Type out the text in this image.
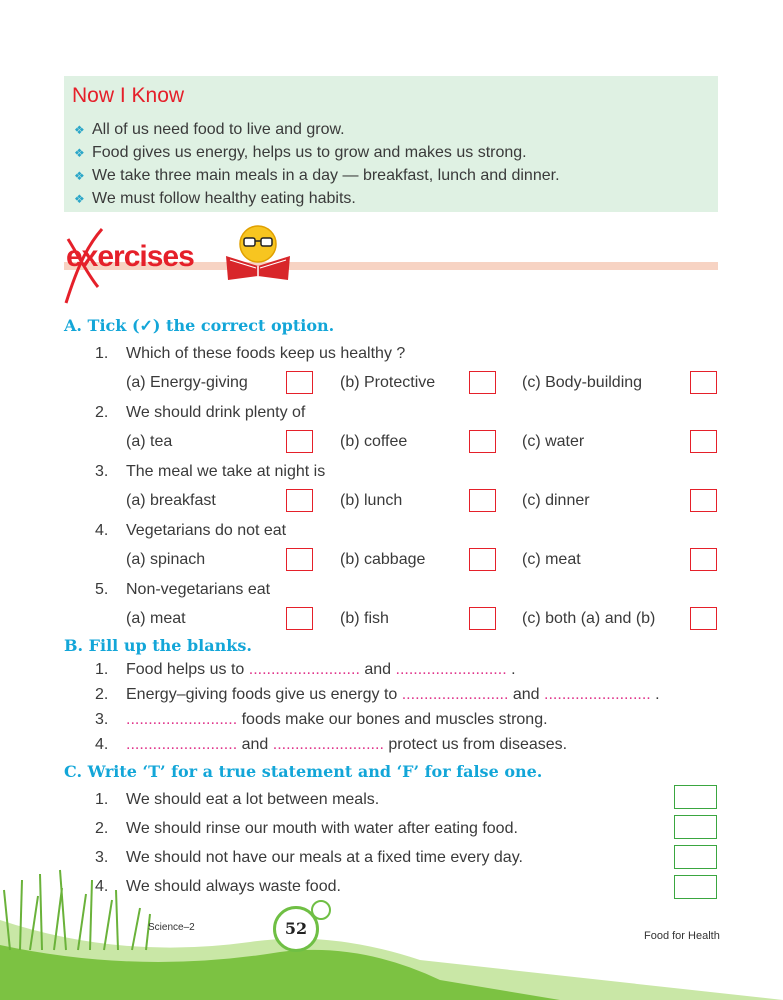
Now I Know
❖ All of us need food to live and grow.
❖ Food gives us energy, helps us to grow and makes us strong.
❖ We take three main meals in a day — breakfast, lunch and dinner.
❖ We must follow healthy eating habits.
exercises
A. Tick (✓) the correct option.
1. Which of these foods keep us healthy ?
(a) Energy-giving	(b) Protective	(c) Body-building
2. We should drink plenty of
(a) tea	(b) coffee	(c) water
3. The meal we take at night is
(a) breakfast	(b) lunch	(c) dinner
4. Vegetarians do not eat
(a) spinach	(b) cabbage	(c) meat
5. Non-vegetarians eat
(a) meat	(b) fish	(c) both (a) and (b)
B. Fill up the blanks.
1. Food helps us to ......................... and ......................... .
2. Energy–giving foods give us energy to ........................ and ........................ .
3. ......................... foods make our bones and muscles strong.
4. ......................... and ......................... protect us from diseases.
C. Write ‘T’ for a true statement and ‘F’ for false one.
1. We should eat a lot between meals.
2. We should rinse our mouth with water after eating food.
3. We should not have our meals at a fixed time every day.
4. We should always waste food.
Science–2	52	Food for Health
